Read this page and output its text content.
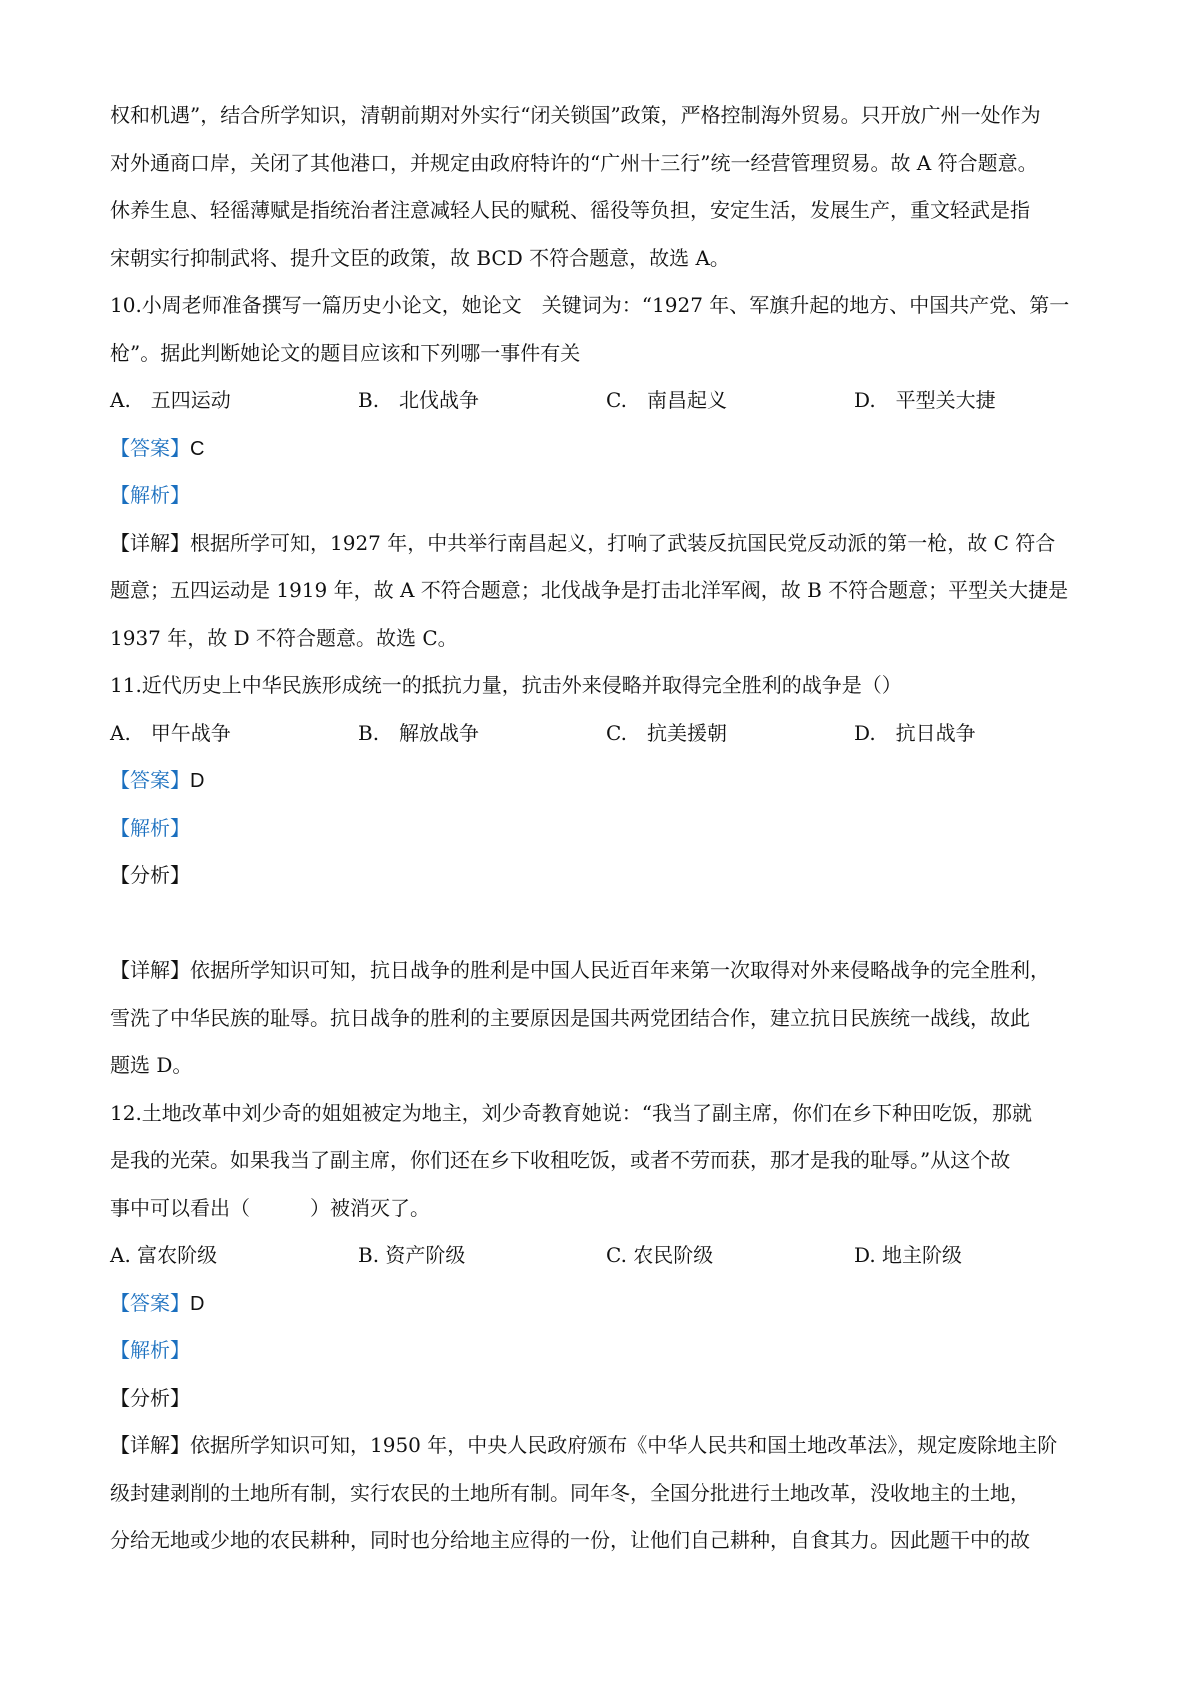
权和机遇”，结合所学知识，清朝前期对外实行“闭关锁国”政策，严格控制海外贸易。只开放广州一处作为
对外通商口岸，关闭了其他港口，并规定由政府特许的“广州十三行”统一经营管理贸易。故 A 符合题意。
休养生息、轻徭薄赋是指统治者注意减轻人民的赋税、徭役等负担，安定生活，发展生产，重文轻武是指
宋朝实行抑制武将、提升文臣的政策，故 BCD 不符合题意，故选 A。
10.小周老师准备撰写一篇历史小论文，她论文　关键词为：“1927 年、军旗升起的地方、中国共产党、第一
枪”。据此判断她论文的题目应该和下列哪一事件有关
A.　五四运动	B.　北伐战争	C.　南昌起义	D.　平型关大捷
【答案】C
【解析】
【详解】根据所学可知，1927 年，中共举行南昌起义，打响了武装反抗国民党反动派的第一枪，故 C 符合
题意；五四运动是 1919 年，故 A 不符合题意；北伐战争是打击北洋军阀，故 B 不符合题意；平型关大捷是
1937 年，故 D 不符合题意。故选 C。
11.近代历史上中华民族形成统一的抵抗力量，抗击外来侵略并取得完全胜利的战争是（）
A.　甲午战争	B.　解放战争	C.　抗美援朝	D.　抗日战争
【答案】D
【解析】
【分析】
【详解】依据所学知识可知，抗日战争的胜利是中国人民近百年来第一次取得对外来侵略战争的完全胜利，
雪洗了中华民族的耻辱。抗日战争的胜利的主要原因是国共两党团结合作，建立抗日民族统一战线，故此
题选 D。
12.土地改革中刘少奇的姐姐被定为地主，刘少奇教育她说：“我当了副主席，你们在乡下种田吃饭，那就
是我的光荣。如果我当了副主席，你们还在乡下收租吃饭，或者不劳而获，那才是我的耻辱。”从这个故
事中可以看出（　　　）被消灭了。
A. 富农阶级	B. 资产阶级	C. 农民阶级	D. 地主阶级
【答案】D
【解析】
【分析】
【详解】依据所学知识可知，1950 年，中央人民政府颁布《中华人民共和国土地改革法》，规定废除地主阶
级封建剥削的土地所有制，实行农民的土地所有制。同年冬，全国分批进行土地改革，没收地主的土地，
分给无地或少地的农民耕种，同时也分给地主应得的一份，让他们自己耕种，自食其力。因此题干中的故
